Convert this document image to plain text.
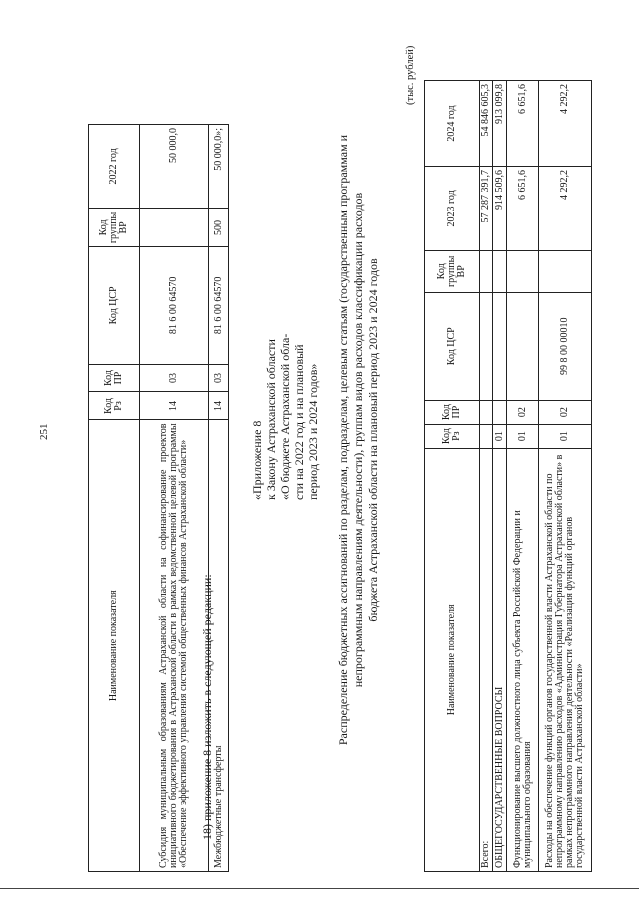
251
Наименование показателя	Код Рз	Код ПР	Код ЦСР	Код группы ВР	2022 год
Субсидия муниципальным образованиям Астраханской области на софинансирование проектов инициативного бюджетирования в Астраханской области в рамках ведомственной целевой программы «Обеспечение эффективного управления системой общественных финансов Астраханской области»	14	03	81 6 00 64570		50 000,0
Межбюджетные трансферты	14	03	81 6 00 64570	500	50 000,0»;
18) приложение 8 изложить в следующей редакции:
«Приложение 8 к Закону Астраханской области «О бюджете Астраханской обла- сти на 2022 год и на плановый период 2023 и 2024 годов» Распределение бюджетных ассигнований по разделам, подразделам, целевым статьям (государственным программам и непрограммным направлениям деятельности), группам видов расходов классификации расходов бюджета Астраханской области на плановый период 2023 и 2024 годов
(тыс. рублей)
Наименование показателя	Код Рз	Код ПР	Код ЦСР	Код группы ВР	2023 год	2024 год
Всего:					57 287 391,7	54 846 605,3
ОБЩЕГОСУДАРСТВЕННЫЕ ВОПРОСЫ	01				914 509,6	913 099,8
Функционирование высшего должностного лица субъекта Российской Федерации и муниципального образования	01	02			6 651,6	6 651,6
Расходы на обеспечение функций органов государственной власти Астраханской области по непрограммному направлению расходов «Администрация Губернатора Астраханской области» в рамках непрограммного направления деятельности «Реализация функций органов государственной власти Астраханской области»	01	02	99 8 00 00010		4 292,2	4 292,2
